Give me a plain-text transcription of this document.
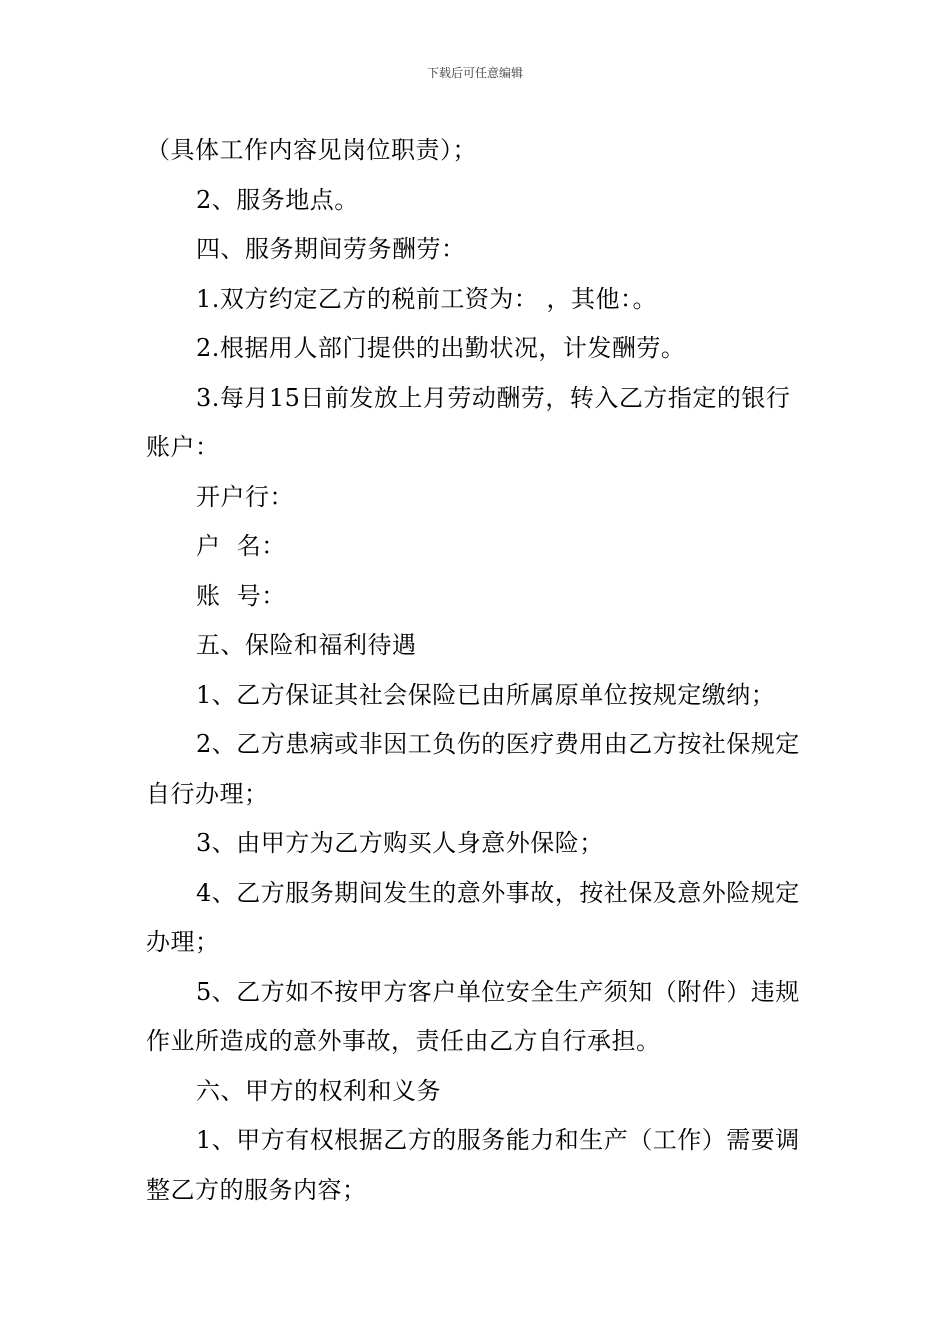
下载后可任意编辑

（具体工作内容见岗位职责）；

2、服务地点。

四、服务期间劳务酬劳：

1.双方约定乙方的税前工资为： ，其他：。

2.根据用人部门提供的出勤状况，计发酬劳。

3.每月15日前发放上月劳动酬劳，转入乙方指定的银行账户：

开户行：

户  名：

账  号：

五、保险和福利待遇

1、乙方保证其社会保险已由所属原单位按规定缴纳；

2、乙方患病或非因工负伤的医疗费用由乙方按社保规定自行办理；

3、由甲方为乙方购买人身意外保险；

4、乙方服务期间发生的意外事故，按社保及意外险规定办理；

5、乙方如不按甲方客户单位安全生产须知（附件）违规作业所造成的意外事故，责任由乙方自行承担。

六、甲方的权利和义务

1、甲方有权根据乙方的服务能力和生产（工作）需要调整乙方的服务内容；
